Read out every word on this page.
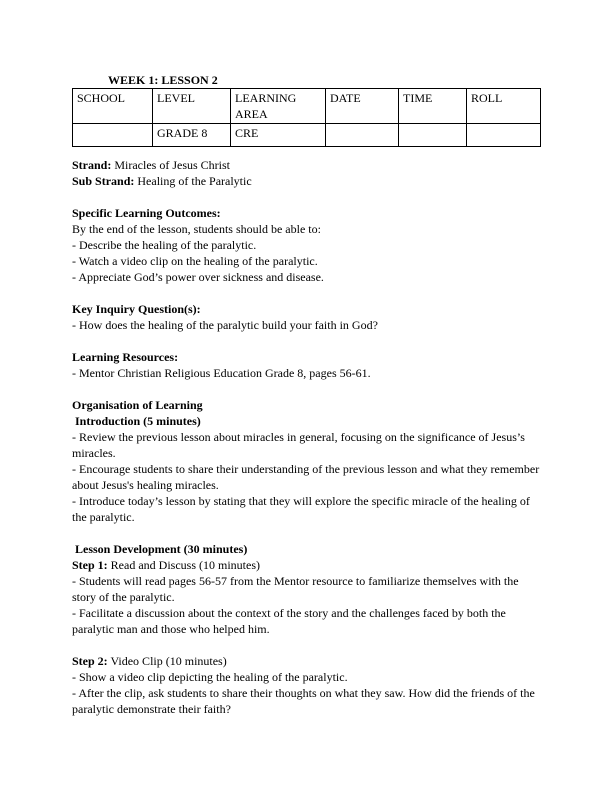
WEEK 1: LESSON 2
SCHOOL	LEVEL	LEARNING AREA	DATE	TIME	ROLL
	GRADE 8	CRE			
Strand: Miracles of Jesus Christ
Sub Strand: Healing of the Paralytic
Specific Learning Outcomes:
By the end of the lesson, students should be able to:
- Describe the healing of the paralytic.
- Watch a video clip on the healing of the paralytic.
- Appreciate God’s power over sickness and disease.
Key Inquiry Question(s):
- How does the healing of the paralytic build your faith in God?
Learning Resources:
- Mentor Christian Religious Education Grade 8, pages 56-61.
Organisation of Learning
Introduction (5 minutes)
- Review the previous lesson about miracles in general, focusing on the significance of Jesus’s
miracles.
- Encourage students to share their understanding of the previous lesson and what they remember
about Jesus's healing miracles.
- Introduce today’s lesson by stating that they will explore the specific miracle of the healing of
the paralytic.
Lesson Development (30 minutes)
Step 1: Read and Discuss (10 minutes)
- Students will read pages 56-57 from the Mentor resource to familiarize themselves with the
story of the paralytic.
- Facilitate a discussion about the context of the story and the challenges faced by both the
paralytic man and those who helped him.
Step 2: Video Clip (10 minutes)
- Show a video clip depicting the healing of the paralytic.
- After the clip, ask students to share their thoughts on what they saw. How did the friends of the
paralytic demonstrate their faith?
